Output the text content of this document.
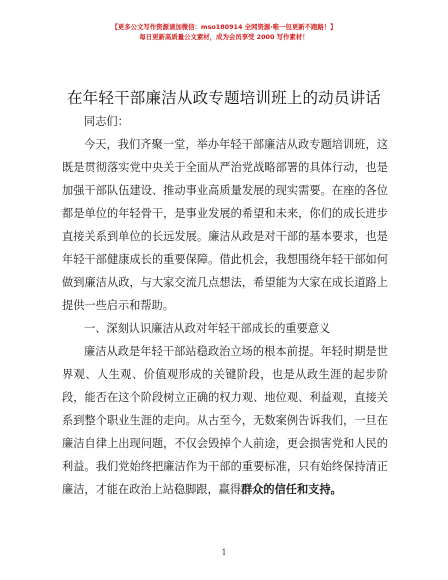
【更多公文写作资源请加微信：mso180914 全网资源·唯一包更新不跑路！】
每日更新高质量公文素材，成为会员享受 2000 写作素材！
在年轻干部廉洁从政专题培训班上的动员讲话

同志们：

今天，我们齐聚一堂，举办年轻干部廉洁从政专题培训班，这既是贯彻落实党中央关于全面从严治党战略部署的具体行动，也是加强干部队伍建设、推动事业高质量发展的现实需要。在座的各位都是单位的年轻骨干，是事业发展的希望和未来，你们的成长进步直接关系到单位的长远发展。廉洁从政是对干部的基本要求，也是年轻干部健康成长的重要保障。借此机会，我想围绕年轻干部如何做到廉洁从政，与大家交流几点想法，希望能为大家在成长道路上提供一些启示和帮助。

一、深刻认识廉洁从政对年轻干部成长的重要意义

廉洁从政是年轻干部站稳政治立场的根本前提。年轻时期是世界观、人生观、价值观形成的关键阶段，也是从政生涯的起步阶段，能否在这个阶段树立正确的权力观、地位观、利益观，直接关系到整个职业生涯的走向。从古至今，无数案例告诉我们，一旦在廉洁自律上出现问题，不仅会毁掉个人前途，更会损害党和人民的利益。我们党始终把廉洁作为干部的重要标准，只有始终保持清正廉洁，才能在政治上站稳脚跟，赢得群众的信任和支持。

1
